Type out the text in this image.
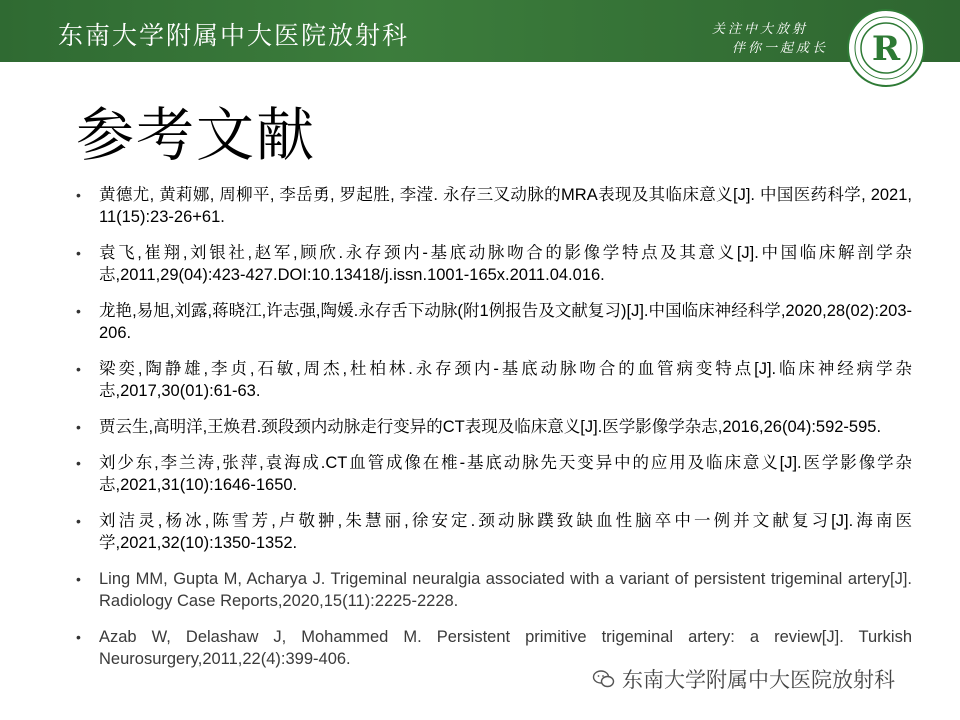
东南大学附属中大医院放射科	关注中大放射
伴你一起成长 R
参考文献
• 黄德尤, 黄莉娜, 周柳平, 李岳勇, 罗起胜, 李滢. 永存三叉动脉的MRA表现及其临床意义[J]. 中国医药科学, 2021, 11(15):23-26+61.
• 袁飞,崔翔,刘银社,赵军,顾欣.永存颈内-基底动脉吻合的影像学特点及其意义[J].中国临床解剖学杂志,2011,29(04):423-427.DOI:10.13418/j.issn.1001-165x.2011.04.016.
• 龙艳,易旭,刘露,蒋晓江,许志强,陶媛.永存舌下动脉(附1例报告及文献复习)[J].中国临床神经科学,2020,28(02):203-206.
• 梁奕,陶静雄,李贞,石敏,周杰,杜柏林.永存颈内-基底动脉吻合的血管病变特点[J].临床神经病学杂志,2017,30(01):61-63.
• 贾云生,高明洋,王焕君.颈段颈内动脉走行变异的CT表现及临床意义[J].医学影像学杂志,2016,26(04):592-595.
• 刘少东,李兰涛,张萍,袁海成.CT血管成像在椎-基底动脉先天变异中的应用及临床意义[J].医学影像学杂志,2021,31(10):1646-1650.
• 刘洁灵,杨冰,陈雪芳,卢敬翀,朱慧丽,徐安定.颈动脉蹼致缺血性脑卒中一例并文献复习[J].海南医学,2021,32(10):1350-1352.
• Ling MM, Gupta M, Acharya J. Trigeminal neuralgia associated with a variant of persistent trigeminal artery[J]. Radiology Case Reports,2020,15(11):2225-2228.
• Azab W, Delashaw J, Mohammed M. Persistent primitive trigeminal artery: a review[J]. Turkish Neurosurgery,2011,22(4):399-406.
东南大学附属中大医院放射科
